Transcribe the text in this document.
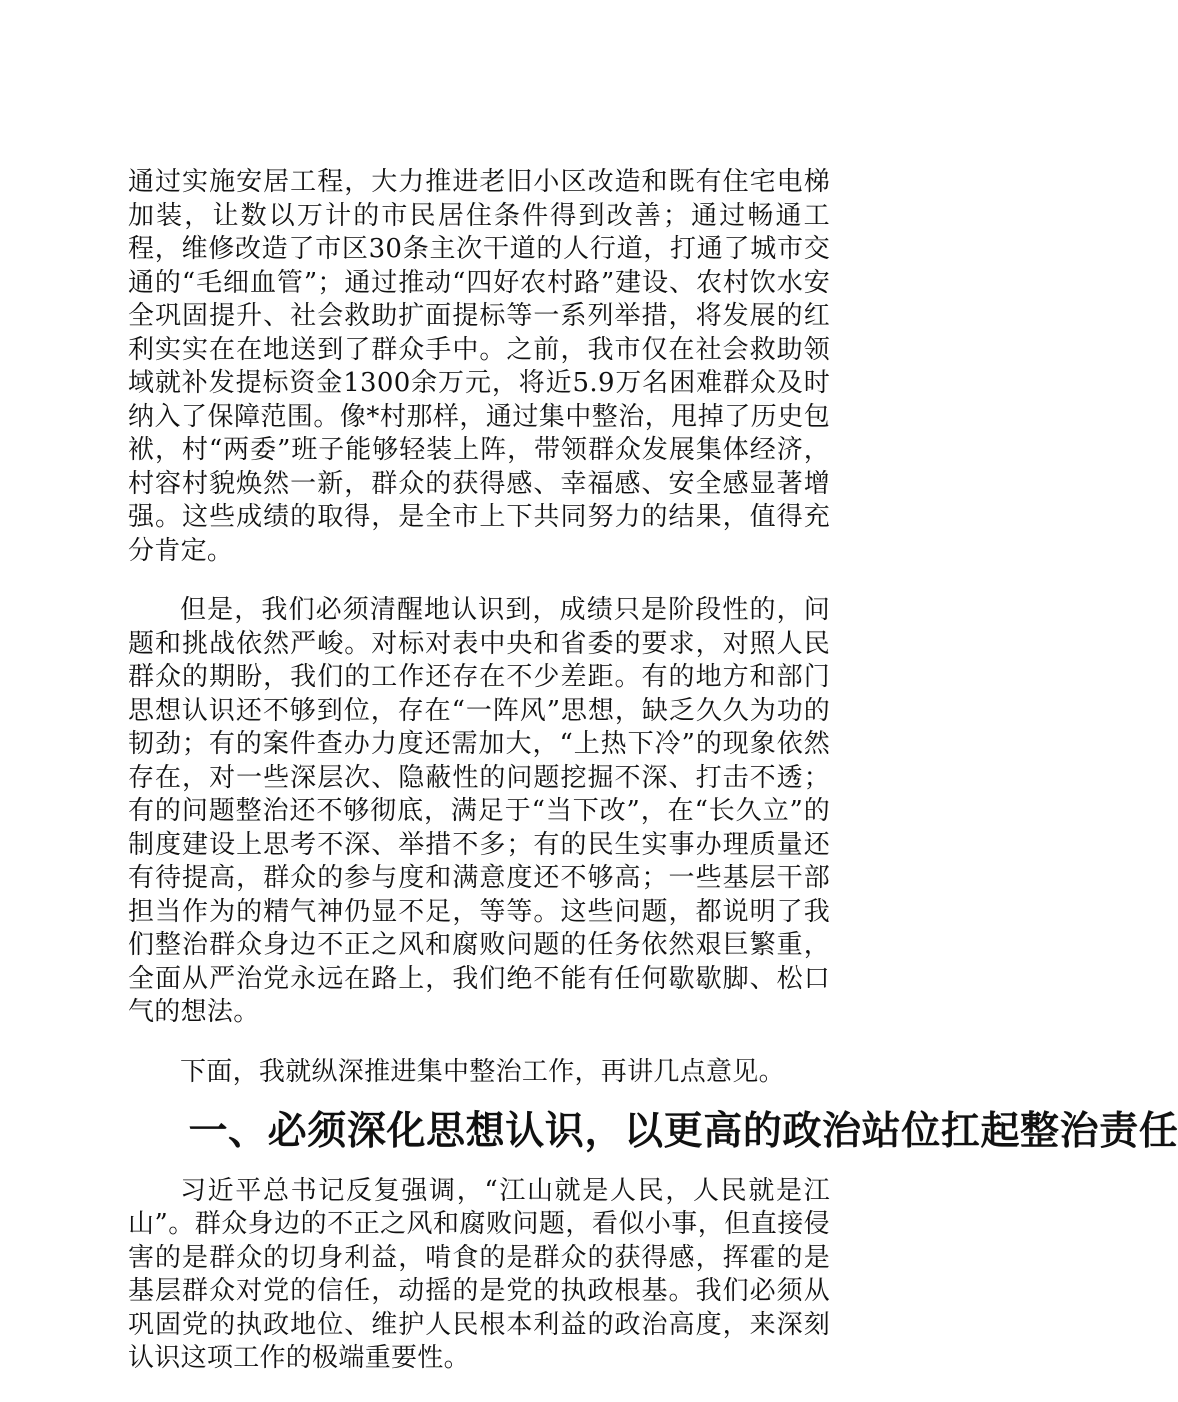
通过实施安居工程，大力推进老旧小区改造和既有住宅电梯加装，让数以万计的市民居住条件得到改善；通过畅通工程，维修改造了市区30条主次干道的人行道，打通了城市交通的“毛细血管”；通过推动“四好农村路”建设、农村饮水安全巩固提升、社会救助扩面提标等一系列举措，将发展的红利实实在在地送到了群众手中。之前，我市仅在社会救助领域就补发提标资金1300余万元，将近5.9万名困难群众及时纳入了保障范围。像*村那样，通过集中整治，甩掉了历史包袱，村“两委”班子能够轻装上阵，带领群众发展集体经济，村容村貌焕然一新，群众的获得感、幸福感、安全感显著增强。这些成绩的取得，是全市上下共同努力的结果，值得充分肯定。

但是，我们必须清醒地认识到，成绩只是阶段性的，问题和挑战依然严峻。对标对表中央和省委的要求，对照人民群众的期盼，我们的工作还存在不少差距。有的地方和部门思想认识还不够到位，存在“一阵风”思想，缺乏久久为功的韧劲；有的案件查办力度还需加大，“上热下冷”的现象依然存在，对一些深层次、隐蔽性的问题挖掘不深、打击不透；有的问题整治还不够彻底，满足于“当下改”，在“长久立”的制度建设上思考不深、举措不多；有的民生实事办理质量还有待提高，群众的参与度和满意度还不够高；一些基层干部担当作为的精气神仍显不足，等等。这些问题，都说明了我们整治群众身边不正之风和腐败问题的任务依然艰巨繁重，全面从严治党永远在路上，我们绝不能有任何歇歇脚、松口气的想法。

下面，我就纵深推进集中整治工作，再讲几点意见。

一、必须深化思想认识，以更高的政治站位扛起整治责任

习近平总书记反复强调，“江山就是人民，人民就是江山”。群众身边的不正之风和腐败问题，看似小事，但直接侵害的是群众的切身利益，啃食的是群众的获得感，挥霍的是基层群众对党的信任，动摇的是党的执政根基。我们必须从巩固党的执政地位、维护人民根本利益的政治高度，来深刻认识这项工作的极端重要性。
